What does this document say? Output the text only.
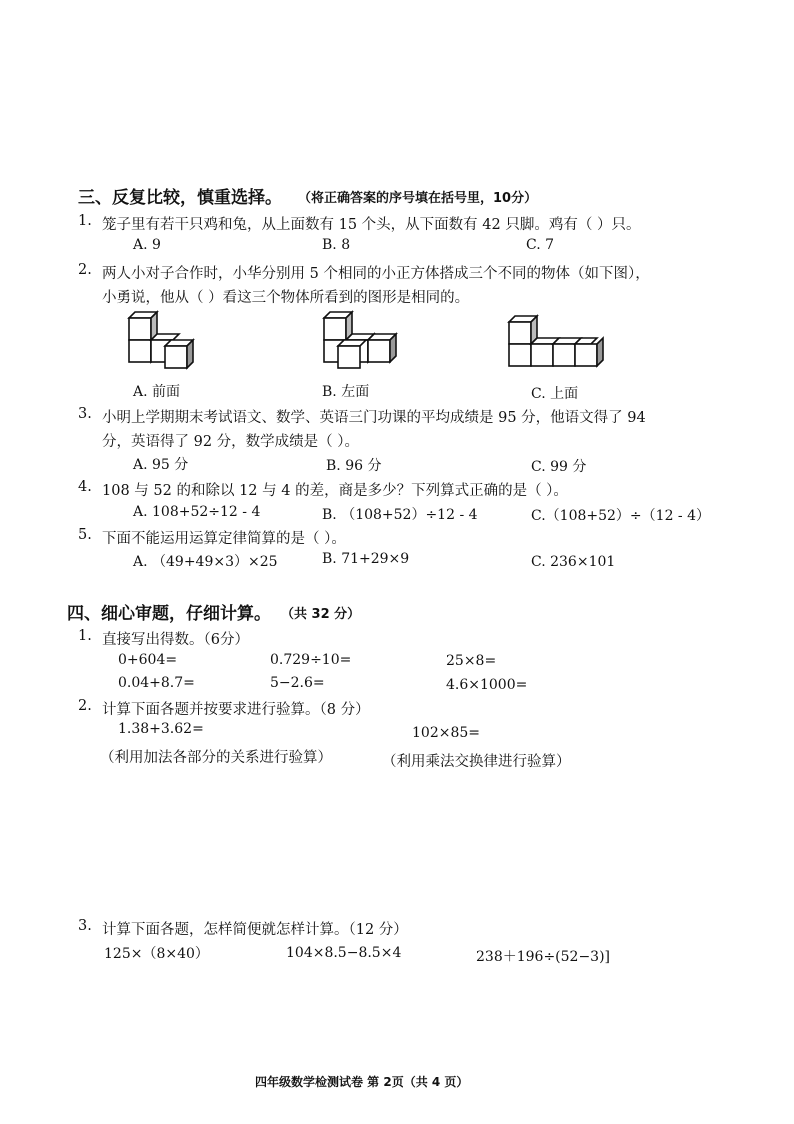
三、反复比较，慎重选择。 （将正确答案的序号填在括号里，10分）
1. 笼子里有若干只鸡和兔，从上面数有 15 个头，从下面数有 42 只脚。鸡有（ ）只。
A. 9	B. 8	C. 7
2. 两人小对子合作时，小华分别用 5 个相同的小正方体搭成三个不同的物体（如下图），
小勇说，他从（ ）看这三个物体所看到的图形是相同的。
A. 前面	B. 左面	C. 上面
3. 小明上学期期末考试语文、数学、英语三门功课的平均成绩是 95 分，他语文得了 94
分，英语得了 92 分，数学成绩是（ ）。
A. 95 分	B. 96 分	C. 99 分
4. 108 与 52 的和除以 12 与 4 的差，商是多少？下列算式正确的是（ ）。
A. 108+52÷12 - 4	B. （108+52）÷12 - 4	C.（108+52）÷（12 - 4）
5. 下面不能运用运算定律简算的是（ ）。
A. （49+49×3）×25	B. 71+29×9	C. 236×101
四、细心审题，仔细计算。 （共 32 分）
1. 直接写出得数。（6分）
0+604=	0.729÷10=	25×8=
0.04+8.7=	5−2.6=	4.6×1000=
2. 计算下面各题并按要求进行验算。（8 分）
1.38+3.62=	102×85=
（利用加法各部分的关系进行验算）	（利用乘法交换律进行验算）
3. 计算下面各题，怎样简便就怎样计算。（12 分）
125×（8×40）	104×8.5−8.5×4	238＋196÷(52−3)]
四年级数学检测试卷 第 2页（共 4 页）
